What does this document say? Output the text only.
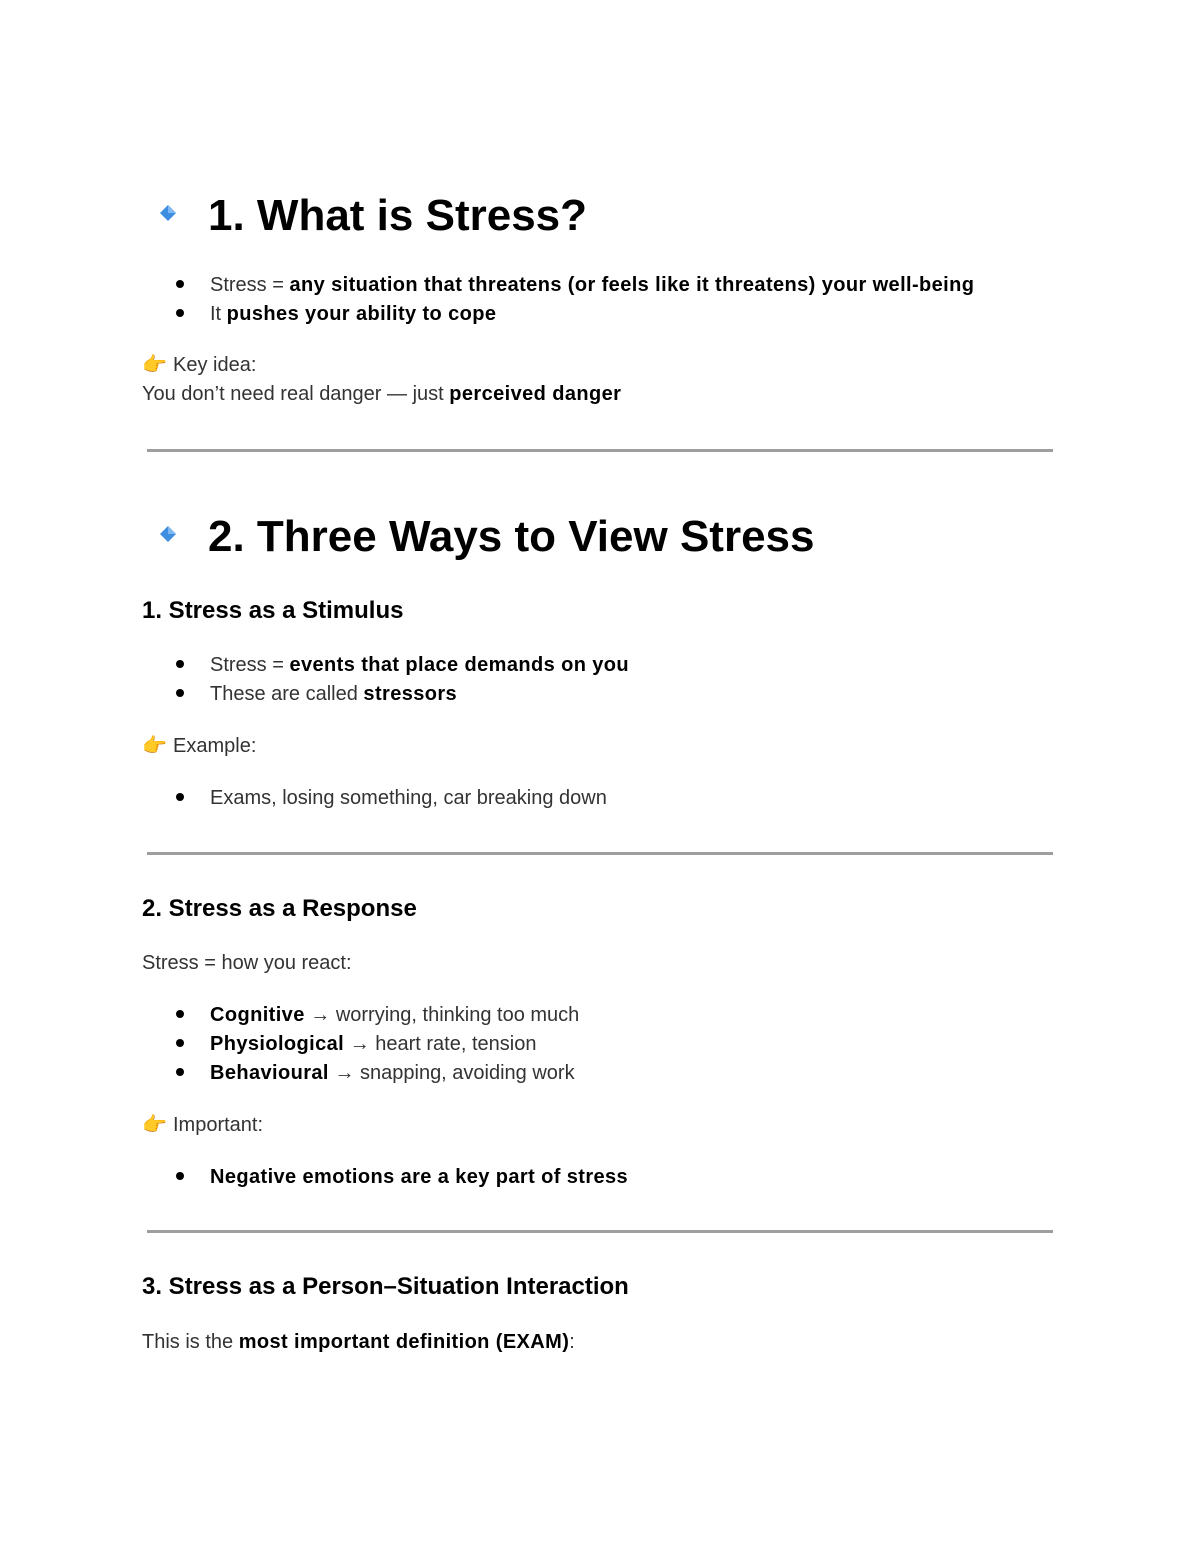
1. What is Stress?
Stress = any situation that threatens (or feels like it threatens) your well-being
It pushes your ability to cope
👉 Key idea:
You don’t need real danger — just perceived danger
2. Three Ways to View Stress
1. Stress as a Stimulus
Stress = events that place demands on you
These are called stressors
👉 Example:
Exams, losing something, car breaking down
2. Stress as a Response
Stress = how you react:
Cognitive → worrying, thinking too much
Physiological → heart rate, tension
Behavioural → snapping, avoiding work
👉 Important:
Negative emotions are a key part of stress
3. Stress as a Person–Situation Interaction
This is the most important definition (EXAM):
